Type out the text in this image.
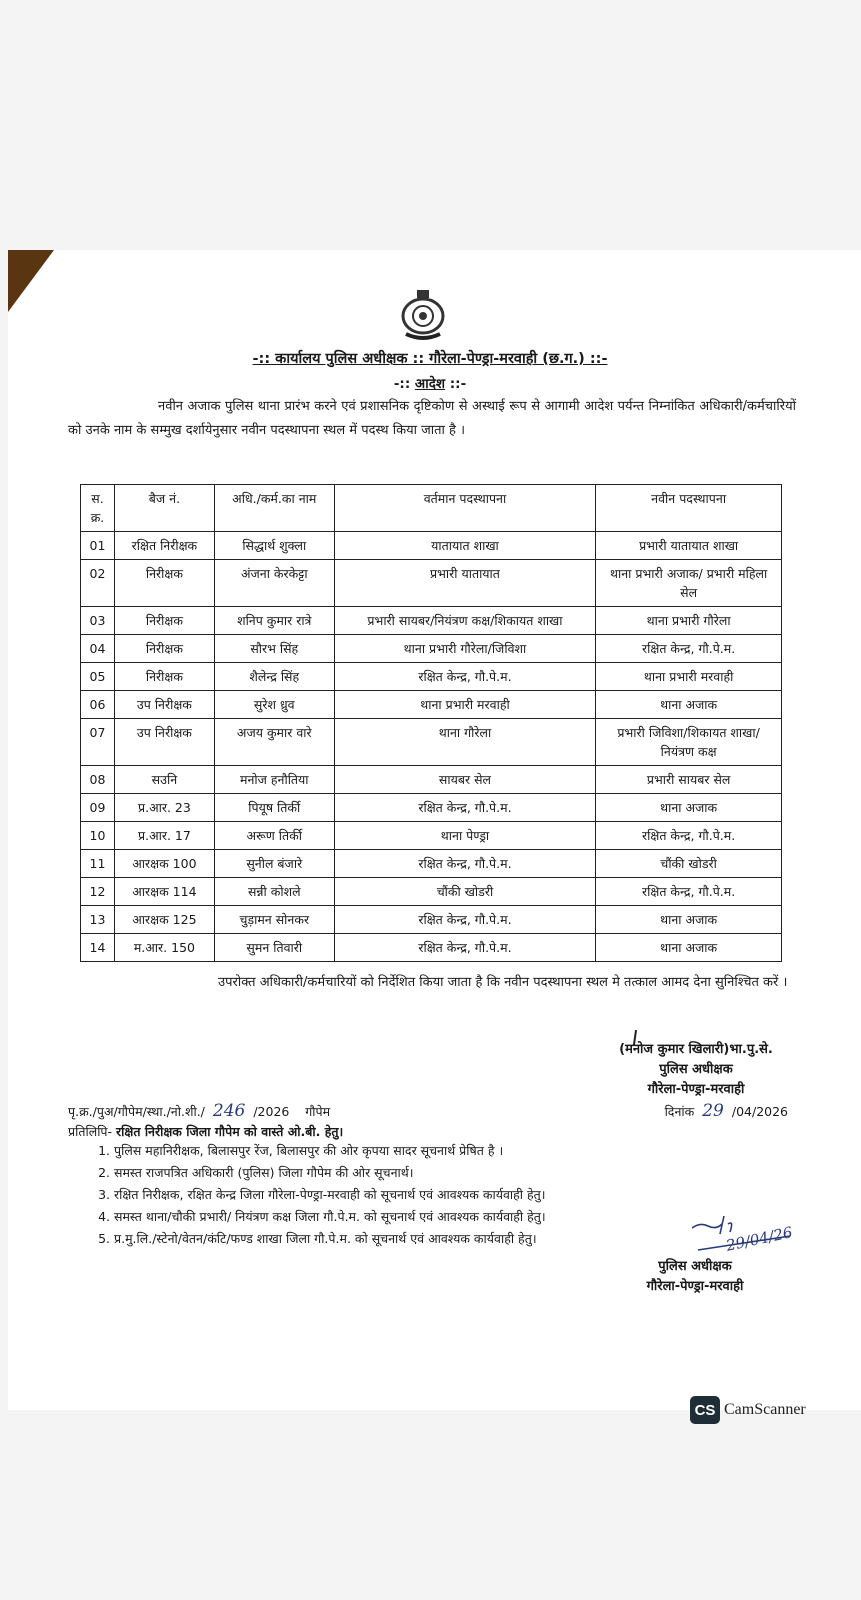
-:: कार्यालय पुलिस अधीक्षक :: गौरेला-पेण्ड्रा-मरवाही (छ.ग.) ::-
-:: आदेश ::-
नवीन अजाक पुलिस थाना प्रारंभ करने एवं प्रशासनिक दृष्टिकोण से अस्थाई रूप से आगामी आदेश पर्यन्त निम्नांकित अधिकारी/कर्मचारियों को उनके नाम के सम्मुख दर्शायेनुसार नवीन पदस्थापना स्थल में पदस्थ किया जाता है ।
स. क्र.	बैज नं.	अधि./कर्म.का नाम	वर्तमान पदस्थापना	नवीन पदस्थापना
01	रक्षित निरीक्षक	सिद्धार्थ शुक्ला	यातायात शाखा	प्रभारी यातायात शाखा
02	निरीक्षक	अंजना केरकेट्टा	प्रभारी यातायात	थाना प्रभारी अजाक/ प्रभारी महिला सेल
03	निरीक्षक	शनिप कुमार रात्रे	प्रभारी सायबर/नियंत्रण कक्ष/शिकायत शाखा	थाना प्रभारी गौरेला
04	निरीक्षक	सौरभ सिंह	थाना प्रभारी गौरेला/जिविशा	रक्षित केन्द्र, गौ.पे.म.
05	निरीक्षक	शैलेन्द्र सिंह	रक्षित केन्द्र, गौ.पे.म.	थाना प्रभारी मरवाही
06	उप निरीक्षक	सुरेश ध्रुव	थाना प्रभारी मरवाही	थाना अजाक
07	उप निरीक्षक	अजय कुमार वारे	थाना गौरेला	प्रभारी जिविशा/शिकायत शाखा/ नियंत्रण कक्ष
08	सउनि	मनोज हनौतिया	सायबर सेल	प्रभारी सायबर सेल
09	प्र.आर. 23	पियूष तिर्की	रक्षित केन्द्र, गौ.पे.म.	थाना अजाक
10	प्र.आर. 17	अरूण तिर्की	थाना पेण्ड्रा	रक्षित केन्द्र, गौ.पे.म.
11	आरक्षक 100	सुनील बंजारे	रक्षित केन्द्र, गौ.पे.म.	चौंकी खोडरी
12	आरक्षक 114	सन्नी कोशले	चौंकी खोडरी	रक्षित केन्द्र, गौ.पे.म.
13	आरक्षक 125	चुड़ामन सोनकर	रक्षित केन्द्र, गौ.पे.म.	थाना अजाक
14	म.आर. 150	सुमन तिवारी	रक्षित केन्द्र, गौ.पे.म.	थाना अजाक
उपरोक्त अधिकारी/कर्मचारियों को निर्देशित किया जाता है कि नवीन पदस्थापना स्थल मे तत्काल आमद देना सुनिश्चित करें ।
(मनोज कुमार खिलारी)भा.पु.से.
पुलिस अधीक्षक
गौरेला-पेण्ड्रा-मरवाही
पृ.क्र./पुअ/गौपेम/स्था./नो.शी./ 246 /2026 गौपेम	दिनांक 29 /04/2026
प्रतिलिपि- रक्षित निरीक्षक जिला गौपेम को वास्ते ओ.बी. हेतु।
1. पुलिस महानिरीक्षक, बिलासपुर रेंज, बिलासपुर की ओर कृपया सादर सूचनार्थ प्रेषित है ।
2. समस्त राजपत्रित अधिकारी (पुलिस) जिला गौपेम की ओर सूचनार्थ।
3. रक्षित निरीक्षक, रक्षित केन्द्र जिला गौरेला-पेण्ड्रा-मरवाही को सूचनार्थ एवं आवश्यक कार्यवाही हेतु।
4. समस्त थाना/चौकी प्रभारी/ नियंत्रण कक्ष जिला गौ.पे.म. को सूचनार्थ एवं आवश्यक कार्यवाही हेतु।
5. प्र.मु.लि./स्टेनो/वेतन/कंटि/फण्ड शाखा जिला गौ.पे.म. को सूचनार्थ एवं आवश्यक कार्यवाही हेतु।	29/04/26
पुलिस अधीक्षक
गौरेला-पेण्ड्रा-मरवाही
CS CamScanner
